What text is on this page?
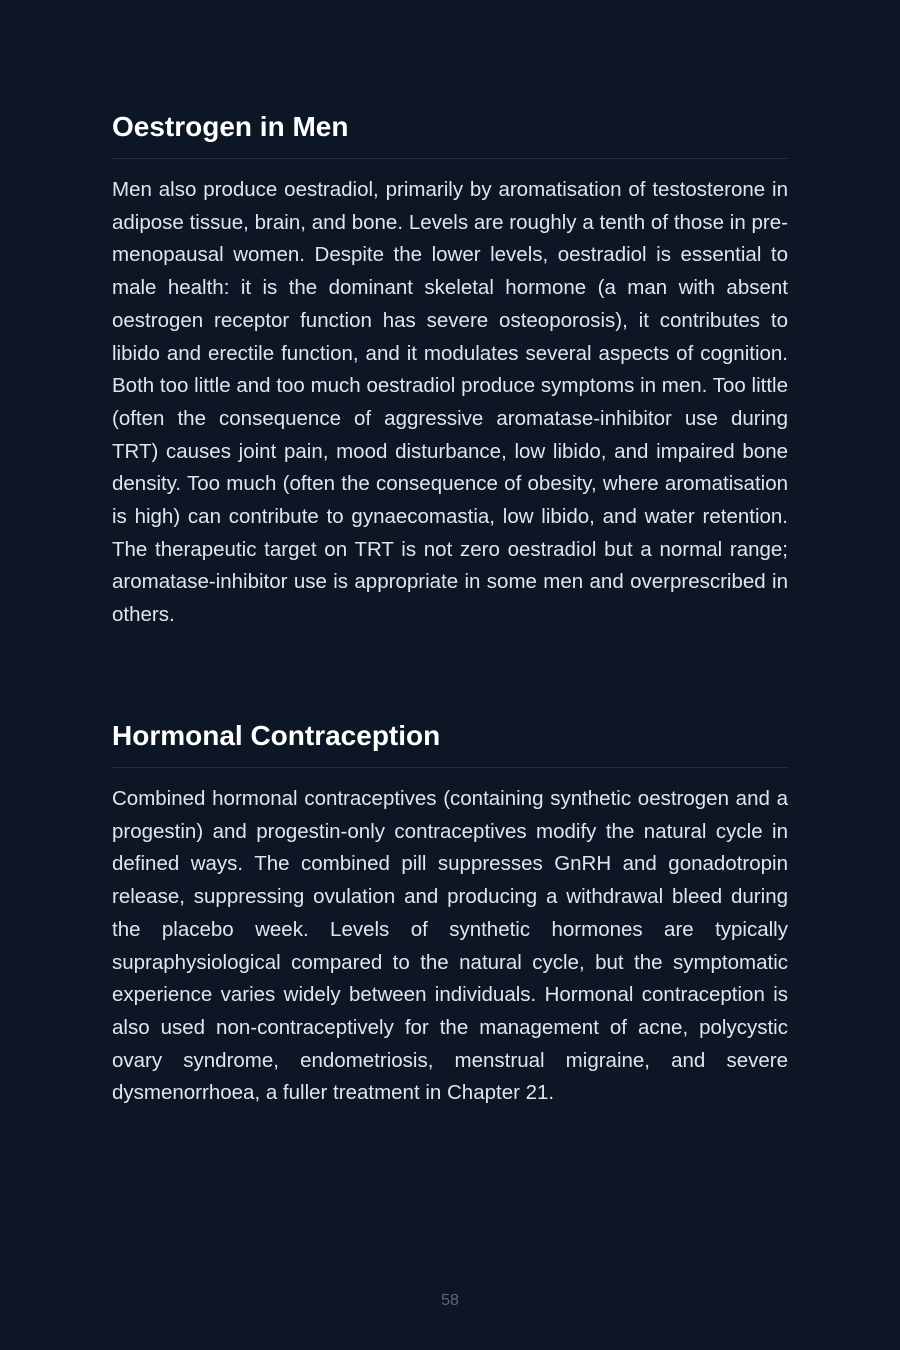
Oestrogen in Men

Men also produce oestradiol, primarily by aromatisation of testosterone in adipose tissue, brain, and bone. Levels are roughly a tenth of those in pre-menopausal women. Despite the lower levels, oestradiol is essential to male health: it is the dominant skeletal hormone (a man with absent oestrogen receptor function has severe osteoporosis), it contributes to libido and erectile function, and it modulates several aspects of cognition. Both too little and too much oestradiol produce symptoms in men. Too little (often the consequence of aggressive aromatase-inhibitor use during TRT) causes joint pain, mood disturbance, low libido, and impaired bone density. Too much (often the consequence of obesity, where aromatisation is high) can contribute to gynaecomastia, low libido, and water retention. The therapeutic target on TRT is not zero oestradiol but a normal range; aromatase-inhibitor use is appropriate in some men and overprescribed in others.

Hormonal Contraception

Combined hormonal contraceptives (containing synthetic oestrogen and a progestin) and progestin-only contraceptives modify the natural cycle in defined ways. The combined pill suppresses GnRH and gonadotropin release, suppressing ovulation and producing a withdrawal bleed during the placebo week. Levels of synthetic hormones are typically supraphysiological compared to the natural cycle, but the symptomatic experience varies widely between individuals. Hormonal contraception is also used non-contraceptively for the management of acne, polycystic ovary syndrome, endometriosis, menstrual migraine, and severe dysmenorrhoea, a fuller treatment in Chapter 21.

58
